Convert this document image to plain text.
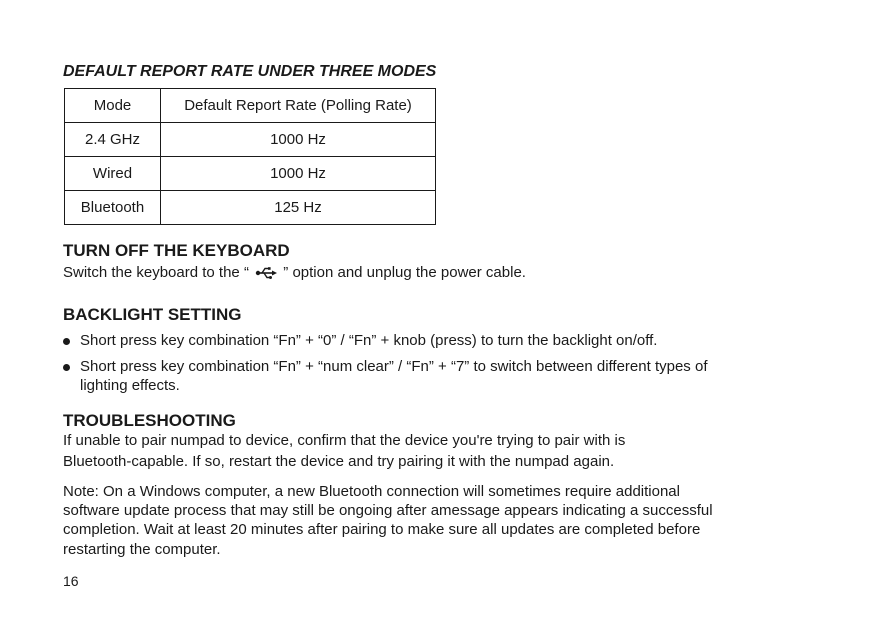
DEFAULT REPORT RATE UNDER THREE MODES
Mode	Default Report Rate (Polling Rate)
2.4 GHz	1000 Hz
Wired	1000 Hz
Bluetooth	125 Hz
TURN OFF THE KEYBOARD
Switch the keyboard to the “ ” option and unplug the power cable.
BACKLIGHT SETTING
Short press key combination “Fn” + “0” / “Fn” + knob (press) to turn the backlight on/off.
Short press key combination “Fn” + “num clear” / “Fn” + “7” to switch between different types of
lighting effects.
TROUBLESHOOTING
If unable to pair numpad to device, confirm that the device you're trying to pair with is
Bluetooth-capable. If so, restart the device and try pairing it with the numpad again.
Note: On a Windows computer, a new Bluetooth connection will sometimes require additional
software update process that may still be ongoing after amessage appears indicating a successful
completion. Wait at least 20 minutes after pairing to make sure all updates are completed before
restarting the computer.
16
